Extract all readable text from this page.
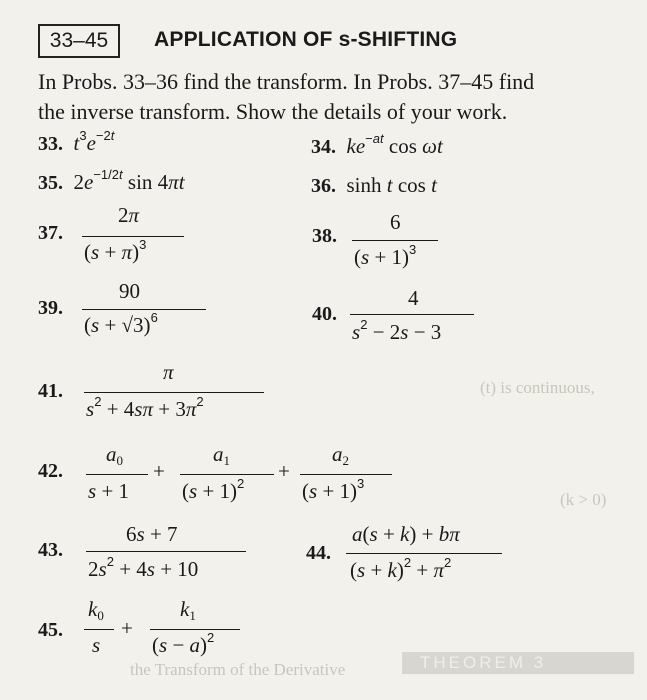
33–45	APPLICATION OF s-SHIFTING
In Probs. 33–36 find the transform. In Probs. 37–45 find
the inverse transform. Show the details of your work.
(k > 0)
(t) is continuous,
the Transform of the Derivative
33.  $t^3e^{-2t}$
34.  $ke^{-at}$ cos ωt
35.  $2e^{-1/2t}$ sin 4πt	36.  sinh t cos t
37.
2π
$(s + \pi)^3$	38.
6
$(s + 1)^3$
39.
90
$(s + √3)^6$	40.
4
$s^2 - 2s - 3$
41.
π
$s^2 + 4s\pi + 3\pi^2$
42.
$a_0$
s + 1
+
$a_1$
$(s + 1)^2$
+
$a_2$
$(s + 1)^3$
43.
6s + 7
$2s^2 + 4s + 10$
44.
a(s + k) + bπ
$(s + k)^2 + \pi^2$
45.
$k_0$
s
+
$k_1$
$(s - a)^2$
THEOREM 3
